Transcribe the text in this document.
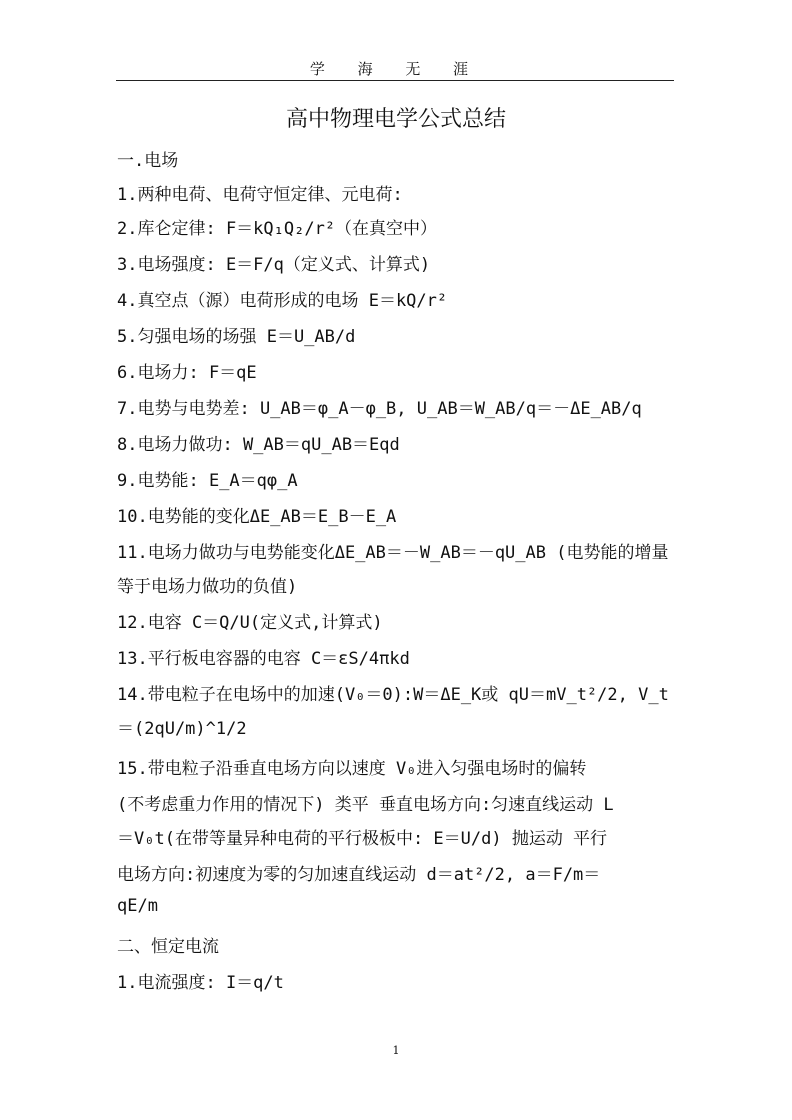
学 海 无 涯
高中物理电学公式总结
一.电场
1.两种电荷、电荷守恒定律、元电荷:
2.库仑定律: F＝kQ₁Q₂/r²（在真空中）
3.电场强度: E＝F/q（定义式、计算式)
4.真空点（源）电荷形成的电场 E＝kQ/r²
5.匀强电场的场强 E＝U_AB/d
6.电场力: F＝qE
7.电势与电势差: U_AB＝φ_A－φ_B, U_AB＝W_AB/q＝－ΔE_AB/q
8.电场力做功: W_AB＝qU_AB＝Eqd
9.电势能: E_A＝qφ_A
10.电势能的变化ΔE_AB＝E_B－E_A
11.电场力做功与电势能变化ΔE_AB＝－W_AB＝－qU_AB (电势能的增量
等于电场力做功的负值)
12.电容 C＝Q/U(定义式,计算式)
13.平行板电容器的电容 C＝εS/4πkd
14.带电粒子在电场中的加速(V₀＝0):W＝ΔE_K或 qU＝mV_t²/2, V_t
＝(2qU/m)^1/2
15.带电粒子沿垂直电场方向以速度 V₀进入匀强电场时的偏转
(不考虑重力作用的情况下) 类平 垂直电场方向:匀速直线运动 L
＝V₀t(在带等量异种电荷的平行极板中: E＝U/d) 抛运动 平行
电场方向:初速度为零的匀加速直线运动 d＝at²/2, a＝F/m＝
qE/m
二、恒定电流
1.电流强度: I＝q/t
1
